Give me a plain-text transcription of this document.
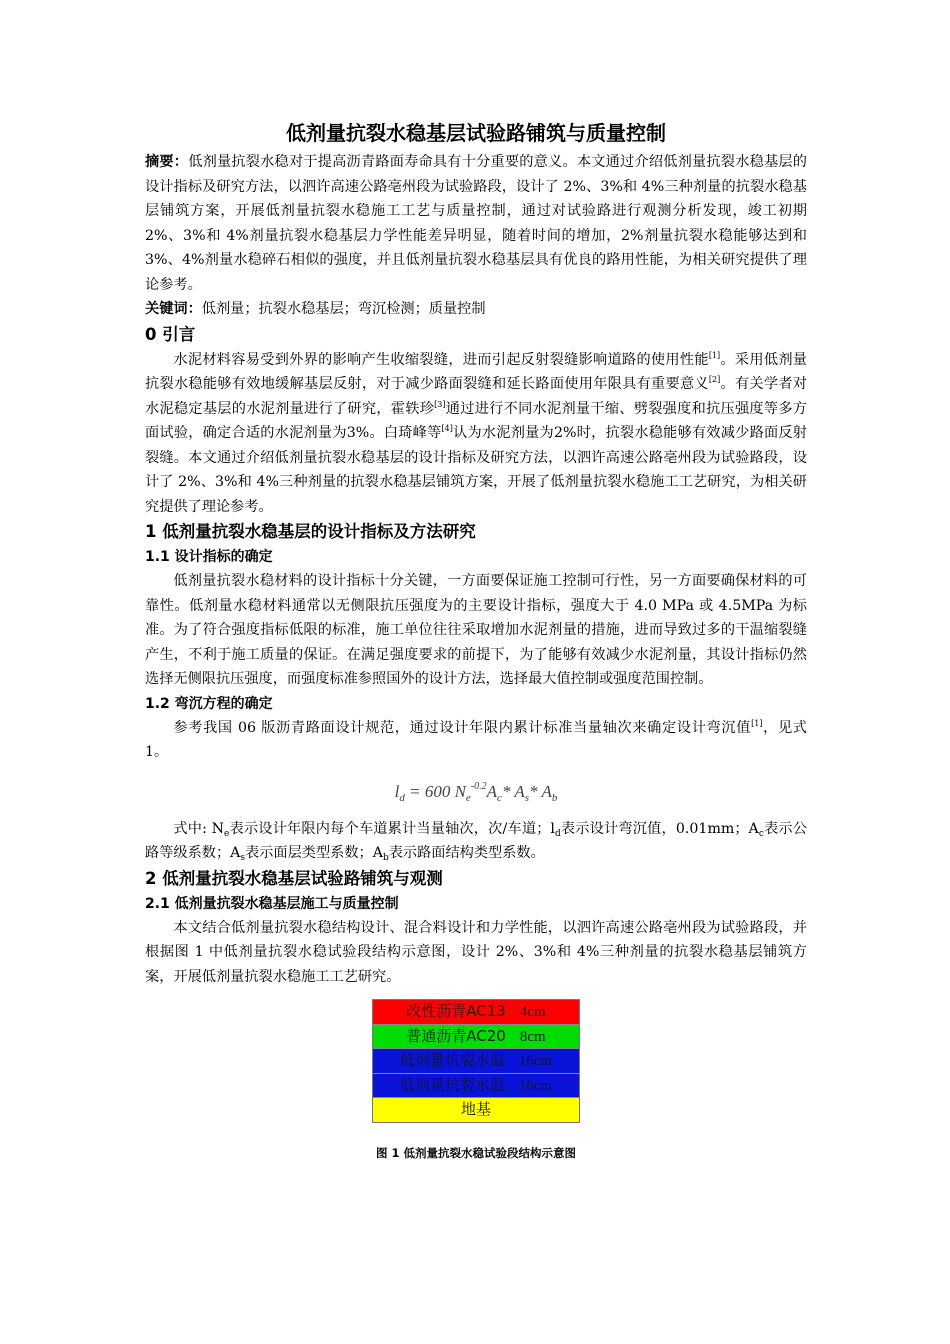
低剂量抗裂水稳基层试验路铺筑与质量控制

摘要：低剂量抗裂水稳对于提高沥青路面寿命具有十分重要的意义。本文通过介绍低剂量抗裂水稳基层的设计指标及研究方法，以泗许高速公路亳州段为试验路段，设计了 2%、3%和 4%三种剂量的抗裂水稳基层铺筑方案，开展低剂量抗裂水稳施工工艺与质量控制，通过对试验路进行观测分析发现，竣工初期 2%、3%和 4%剂量抗裂水稳基层力学性能差异明显，随着时间的增加，2%剂量抗裂水稳能够达到和 3%、4%剂量水稳碎石相似的强度，并且低剂量抗裂水稳基层具有优良的路用性能，为相关研究提供了理论参考。

关键词：低剂量；抗裂水稳基层；弯沉检测；质量控制

0 引言

水泥材料容易受到外界的影响产生收缩裂缝，进而引起反射裂缝影响道路的使用性能[1]。采用低剂量抗裂水稳能够有效地缓解基层反射，对于减少路面裂缝和延长路面使用年限具有重要意义[2]。有关学者对水泥稳定基层的水泥剂量进行了研究，霍轶珍[3]通过进行不同水泥剂量干缩、劈裂强度和抗压强度等多方面试验，确定合适的水泥剂量为3%。白琦峰等[4]认为水泥剂量为2%时，抗裂水稳能够有效减少路面反射裂缝。本文通过介绍低剂量抗裂水稳基层的设计指标及研究方法，以泗许高速公路亳州段为试验路段，设计了 2%、3%和 4%三种剂量的抗裂水稳基层铺筑方案，开展了低剂量抗裂水稳施工工艺研究，为相关研究提供了理论参考。

1 低剂量抗裂水稳基层的设计指标及方法研究
1.1 设计指标的确定

低剂量抗裂水稳材料的设计指标十分关键，一方面要保证施工控制可行性，另一方面要确保材料的可靠性。低剂量水稳材料通常以无侧限抗压强度为的主要设计指标，强度大于 4.0 MPa 或 4.5MPa 为标准。为了符合强度指标低限的标准，施工单位往往采取增加水泥剂量的措施，进而导致过多的干温缩裂缝产生，不利于施工质量的保证。在满足强度要求的前提下，为了能够有效减少水泥剂量，其设计指标仍然选择无侧限抗压强度，而强度标准参照国外的设计方法，选择最大值控制或强度范围控制。

1.2 弯沉方程的确定

参考我国 06 版沥青路面设计规范，通过设计年限内累计标准当量轴次来确定设计弯沉值[1]，见式 1。

$l_d = 600$ $N_e^{-0.2}A_c*$ $A_s*$ $A_b$

式中: $N_e$表示设计年限内每个车道累计当量轴次，次/车道；$l_d$表示设计弯沉值，0.01mm；$A_c$表示公路等级系数；$A_s$表示面层类型系数；$A_b$表示路面结构类型系数。

2 低剂量抗裂水稳基层试验路铺筑与观测
2.1 低剂量抗裂水稳基层施工与质量控制

本文结合低剂量抗裂水稳结构设计、混合料设计和力学性能，以泗许高速公路亳州段为试验路段，并根据图 1 中低剂量抗裂水稳试验段结构示意图，设计 2%、3%和 4%三种剂量的抗裂水稳基层铺筑方案，开展低剂量抗裂水稳施工工艺研究。

改性沥青AC13 4cm
普通沥青AC20 8cm
低剂量抗裂水温 16cm
低剂量抗裂水温 16cm
地基
图 1 低剂量抗裂水稳试验段结构示意图
